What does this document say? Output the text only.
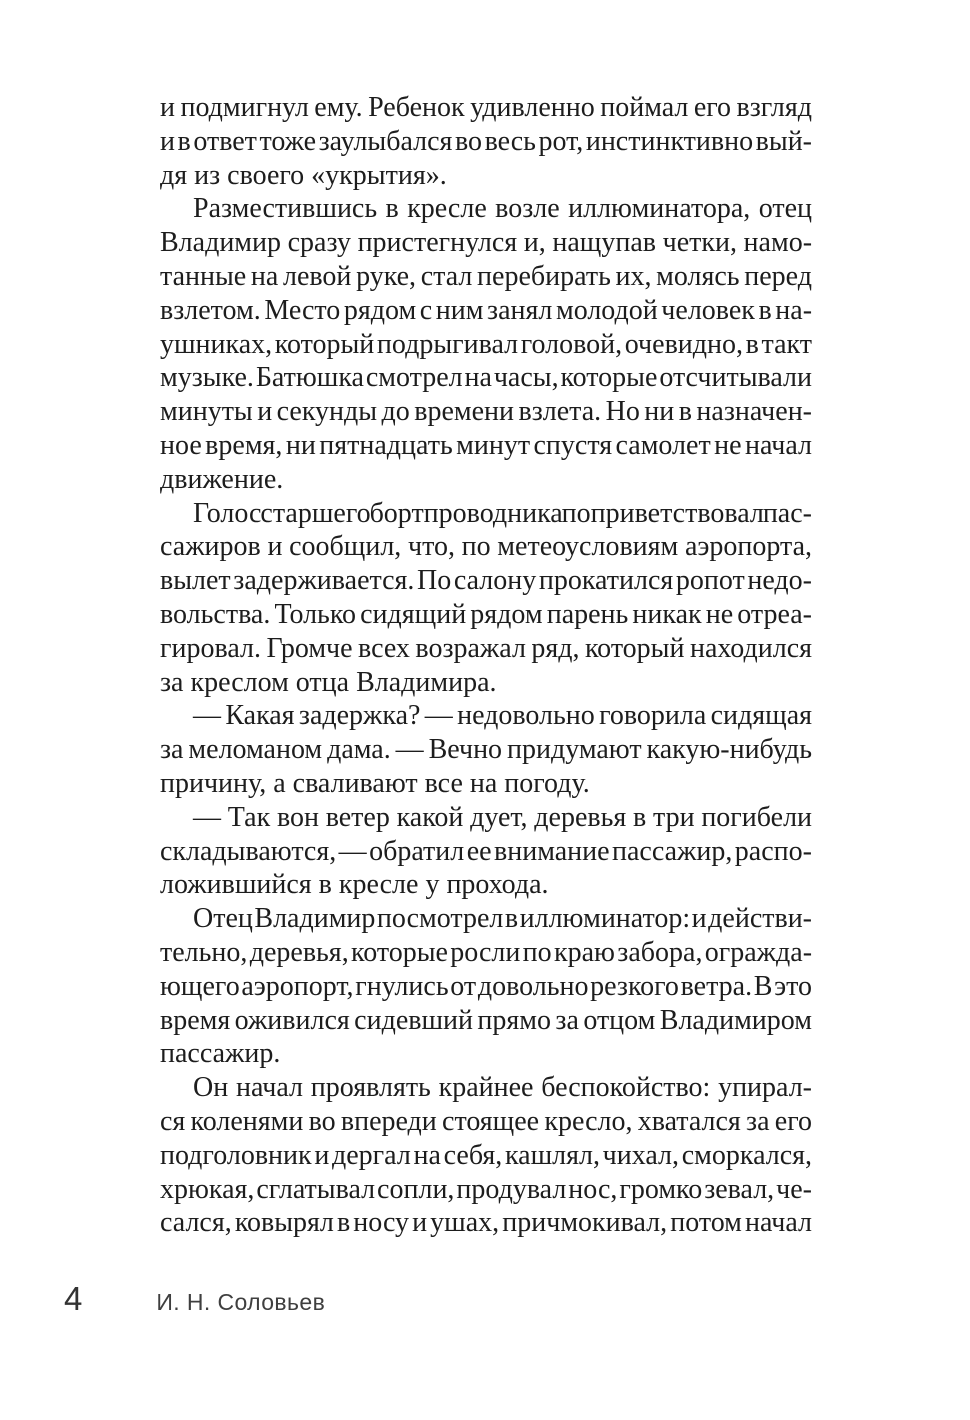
и подмигнул ему. Ребенок удивленно поймал его взгляд
и в ответ тоже заулыбался во весь рот, инстинктивно вый-
дя из своего «укрытия».
Разместившись в кресле возле иллюминатора, отец
Владимир сразу пристегнулся и, нащупав четки, намо-
танные на левой руке, стал перебирать их, молясь перед
взлетом. Место рядом с ним занял молодой человек в на-
ушниках, который подрыгивал головой, очевидно, в такт
музыке. Батюшка смотрел на часы, которые отсчитывали
минуты и секунды до времени взлета. Но ни в назначен-
ное время, ни пятнадцать минут спустя самолет не начал
движение.
Голос старшего бортпроводника поприветствовал пас-
сажиров и сообщил, что, по метеоусловиям аэропорта,
вылет задерживается. По салону прокатился ропот недо-
вольства. Только сидящий рядом парень никак не отреа-
гировал. Громче всех возражал ряд, который находился
за креслом отца Владимира.
— Какая задержка? — недовольно говорила сидящая
за меломаном дама. — Вечно придумают какую-нибудь
причину, а сваливают все на погоду.
— Так вон ветер какой дует, деревья в три погибели
складываются, — обратил ее внимание пассажир, распо-
ложившийся в кресле у прохода.
Отец Владимир посмотрел в иллюминатор: и действи-
тельно, деревья, которые росли по краю забора, огражда-
ющего аэропорт, гнулись от довольно резкого ветра. В это
время оживился сидевший прямо за отцом Владимиром
пассажир.
Он начал проявлять крайнее беспокойство: упирал-
ся коленями во впереди стоящее кресло, хватался за его
подголовник и дергал на себя, кашлял, чихал, сморкался,
хрюкая, сглатывал сопли, продувал нос, громко зевал, че-
сался, ковырял в носу и ушах, причмокивал, потом начал
4	И. Н. Соловьев
